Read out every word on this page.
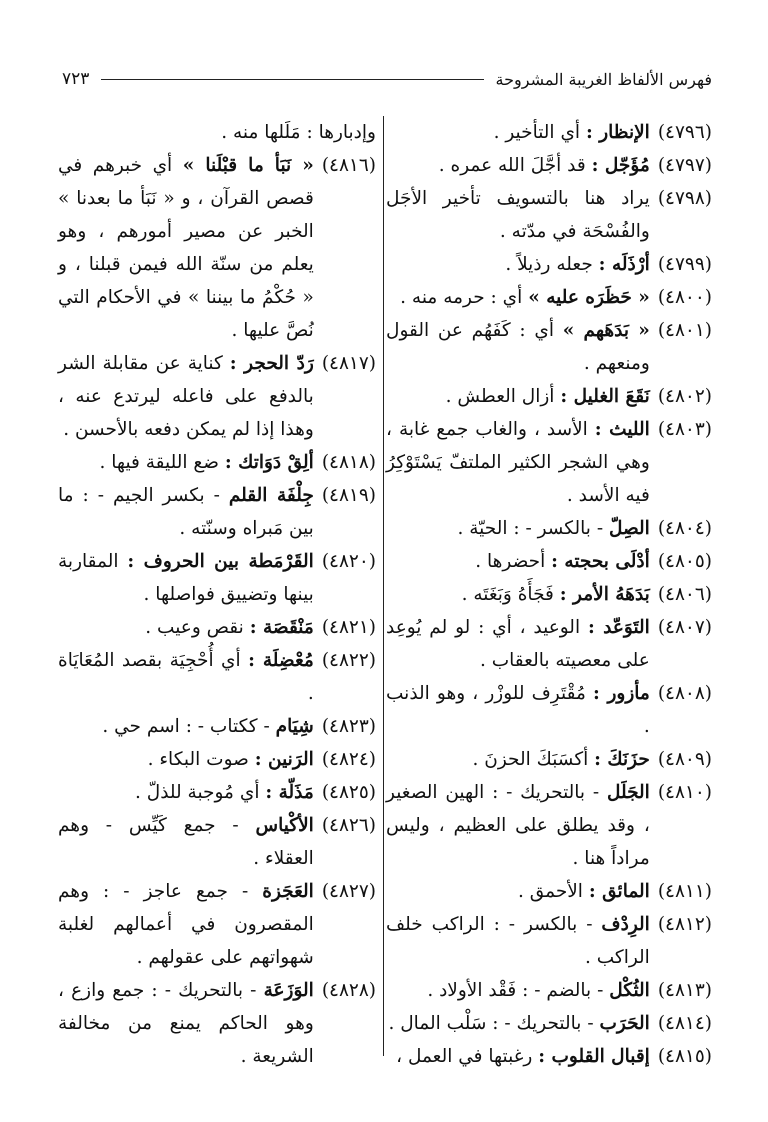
٧٢٣	فهرس الألفاظ الغريبة المشروحة
(٤٧٩٦)
الإنظار : أي التأخير .
(٤٧٩٧)
مُؤَجّل : قد أجَّلَ الله عمره .
(٤٧٩٨)
يراد هنا بالتسويف تأخير الأجَل والفُسْحَة في مدّته .
(٤٧٩٩)
أرْذَلَه : جعله رذيلاً .
(٤٨٠٠)
« حَظَرَه عليه » أي : حرمه منه .
(٤٨٠١)
« بَدَهَهم » أي : كَفَهُم عن القول ومنعهم .
(٤٨٠٢)
نَقَعَ الغليل : أزال العطش .
(٤٨٠٣)
الليث : الأسد ، والغاب جمع غابة ، وهي الشجر الكثير الملتفّ يَسْتَوْكِرُ فيه الأسد .
(٤٨٠٤)
الصِلّ - بالكسر - : الحيّة .
(٤٨٠٥)
أدْلَى بحجته : أحضرها .
(٤٨٠٦)
بَدَهَهُ الأمر : فَجَأَهُ وَبَغَتَه .
(٤٨٠٧)
التَوَعّد : الوعيد ، أي : لو لم يُوعِد على معصيته بالعقاب .
(٤٨٠٨)
مأزور : مُقْتَرِف للوزْر ، وهو الذنب .
(٤٨٠٩)
حزَنَكَ : أكسَبَكَ الحزنَ .
(٤٨١٠)
الجَلَل - بالتحريك - : الهين الصغير ، وقد يطلق على العظيم ، وليس مراداً هنا .
(٤٨١١)
المائق : الأحمق .
(٤٨١٢)
الرِدْف - بالكسر - : الراكب خلف الراكب .
(٤٨١٣)
الثُكْل - بالضم - : فَقْد الأولاد .
(٤٨١٤)
الحَرَب - بالتحريك - : سَلْب المال .
(٤٨١٥)
إقبال القلوب : رغبتها في العمل ،
وإدبارها : مَلَلها منه .
(٤٨١٦)
« نَبَأ ما قبْلَنا » أي خبرهم في قصص القرآن ، و « نَبَأ ما بعدنا » الخبر عن مصير أمورهم ، وهو يعلم من سنّة الله فيمن قبلنا ، و « حُكْمُ ما بيننا » في الأحكام التي نُصَّ عليها .
(٤٨١٧)
رَدّ الحجر : كناية عن مقابلة الشر بالدفع على فاعله ليرتدع عنه ، وهذا إذا لم يمكن دفعه بالأحسن .
(٤٨١٨)
ألِقْ دَوَاتك : ضع الليقة فيها .
(٤٨١٩)
جِلْفَة القلم - بكسر الجيم - : ما بين مَبراه وسنّته .
(٤٨٢٠)
القَرْمَطة بين الحروف : المقاربة بينها وتضييق فواصلها .
(٤٨٢١)
مَنْقَصَة : نقص وعيب .
(٤٨٢٢)
مُعْضِلَة : أي أُحْجِيَة بقصد المُعَايَاة .
(٤٨٢٣)
شِيَام - ككتاب - : اسم حي .
(٤٨٢٤)
الرَنين : صوت البكاء .
(٤٨٢٥)
مَذَلّة : أي مُوجبة للذلّ .
(٤٨٢٦)
الأكْياس - جمع كَيِّس - وهم العقلاء .
(٤٨٢٧)
العَجَزة - جمع عاجز - : وهم المقصرون في أعمالهم لغلبة شهواتهم على عقولهم .
(٤٨٢٨)
الوَزَعَة - بالتحريك - : جمع وازع ، وهو الحاكم يمنع من مخالفة الشريعة .
